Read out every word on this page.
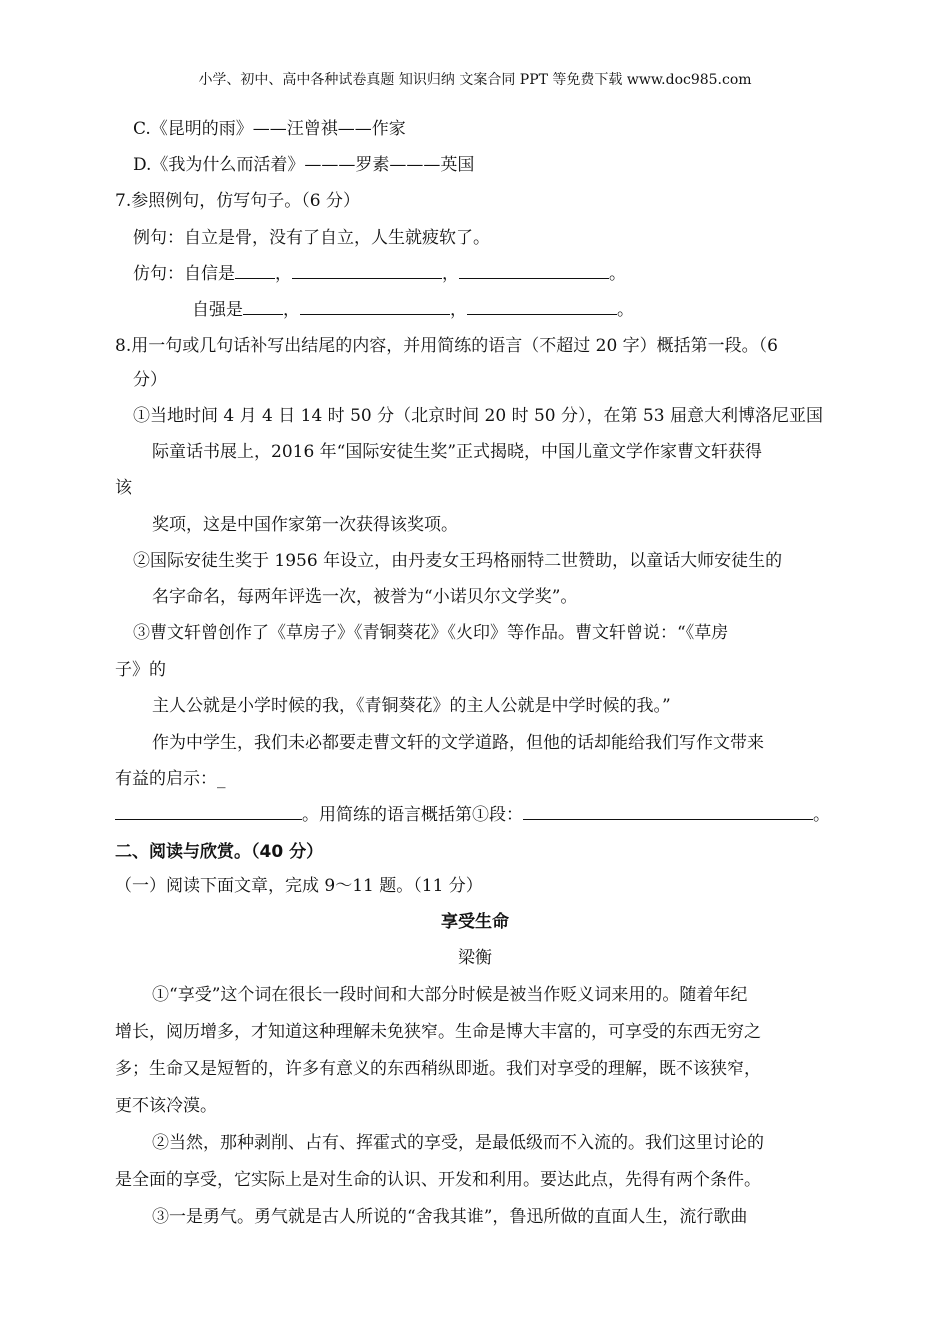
小学、初中、高中各种试卷真题 知识归纳 文案合同 PPT 等免费下载 www.doc985.com
C.《昆明的雨》——汪曾祺——作家
D.《我为什么而活着》———罗素———英国
7.参照例句，仿写句子。（6 分）
例句：自立是骨，没有了自立，人生就疲软了。
仿句：自信是 ，	，	。
自强是 ，	，	。
8.用一句或几句话补写出结尾的内容，并用简练的语言（不超过 20 字）概括第一段。（6
分）
①当地时间 4 月 4 日 14 时 50 分（北京时间 20 时 50 分），在第 53 届意大利博洛尼亚国
际童话书展上，2016 年“国际安徒生奖”正式揭晓，中国儿童文学作家曹文轩获得
该
奖项，这是中国作家第一次获得该奖项。
②国际安徒生奖于 1956 年设立，由丹麦女王玛格丽特二世赞助，以童话大师安徒生的
名字命名，每两年评选一次，被誉为“小诺贝尔文学奖”。
③曹文轩曾创作了《草房子》《青铜葵花》《火印》等作品。曹文轩曾说：“《草房
子》的
主人公就是小学时候的我，《青铜葵花》的主人公就是中学时候的我。”
作为中学生，我们未必都要走曹文轩的文学道路，但他的话却能给我们写作文带来
有益的启示：_
。用简练的语言概括第①段：	。
二、阅读与欣赏。（40 分）
（一）阅读下面文章，完成 9～11 题。（11 分）
享受生命
梁衡
①“享受”这个词在很长一段时间和大部分时候是被当作贬义词来用的。随着年纪
增长，阅历增多，才知道这种理解未免狭窄。生命是博大丰富的，可享受的东西无穷之
多；生命又是短暂的，许多有意义的东西稍纵即逝。我们对享受的理解，既不该狭窄，
更不该冷漠。
②当然，那种剥削、占有、挥霍式的享受，是最低级而不入流的。我们这里讨论的
是全面的享受，它实际上是对生命的认识、开发和利用。要达此点，先得有两个条件。
③一是勇气。勇气就是古人所说的“舍我其谁”，鲁迅所做的直面人生，流行歌曲
